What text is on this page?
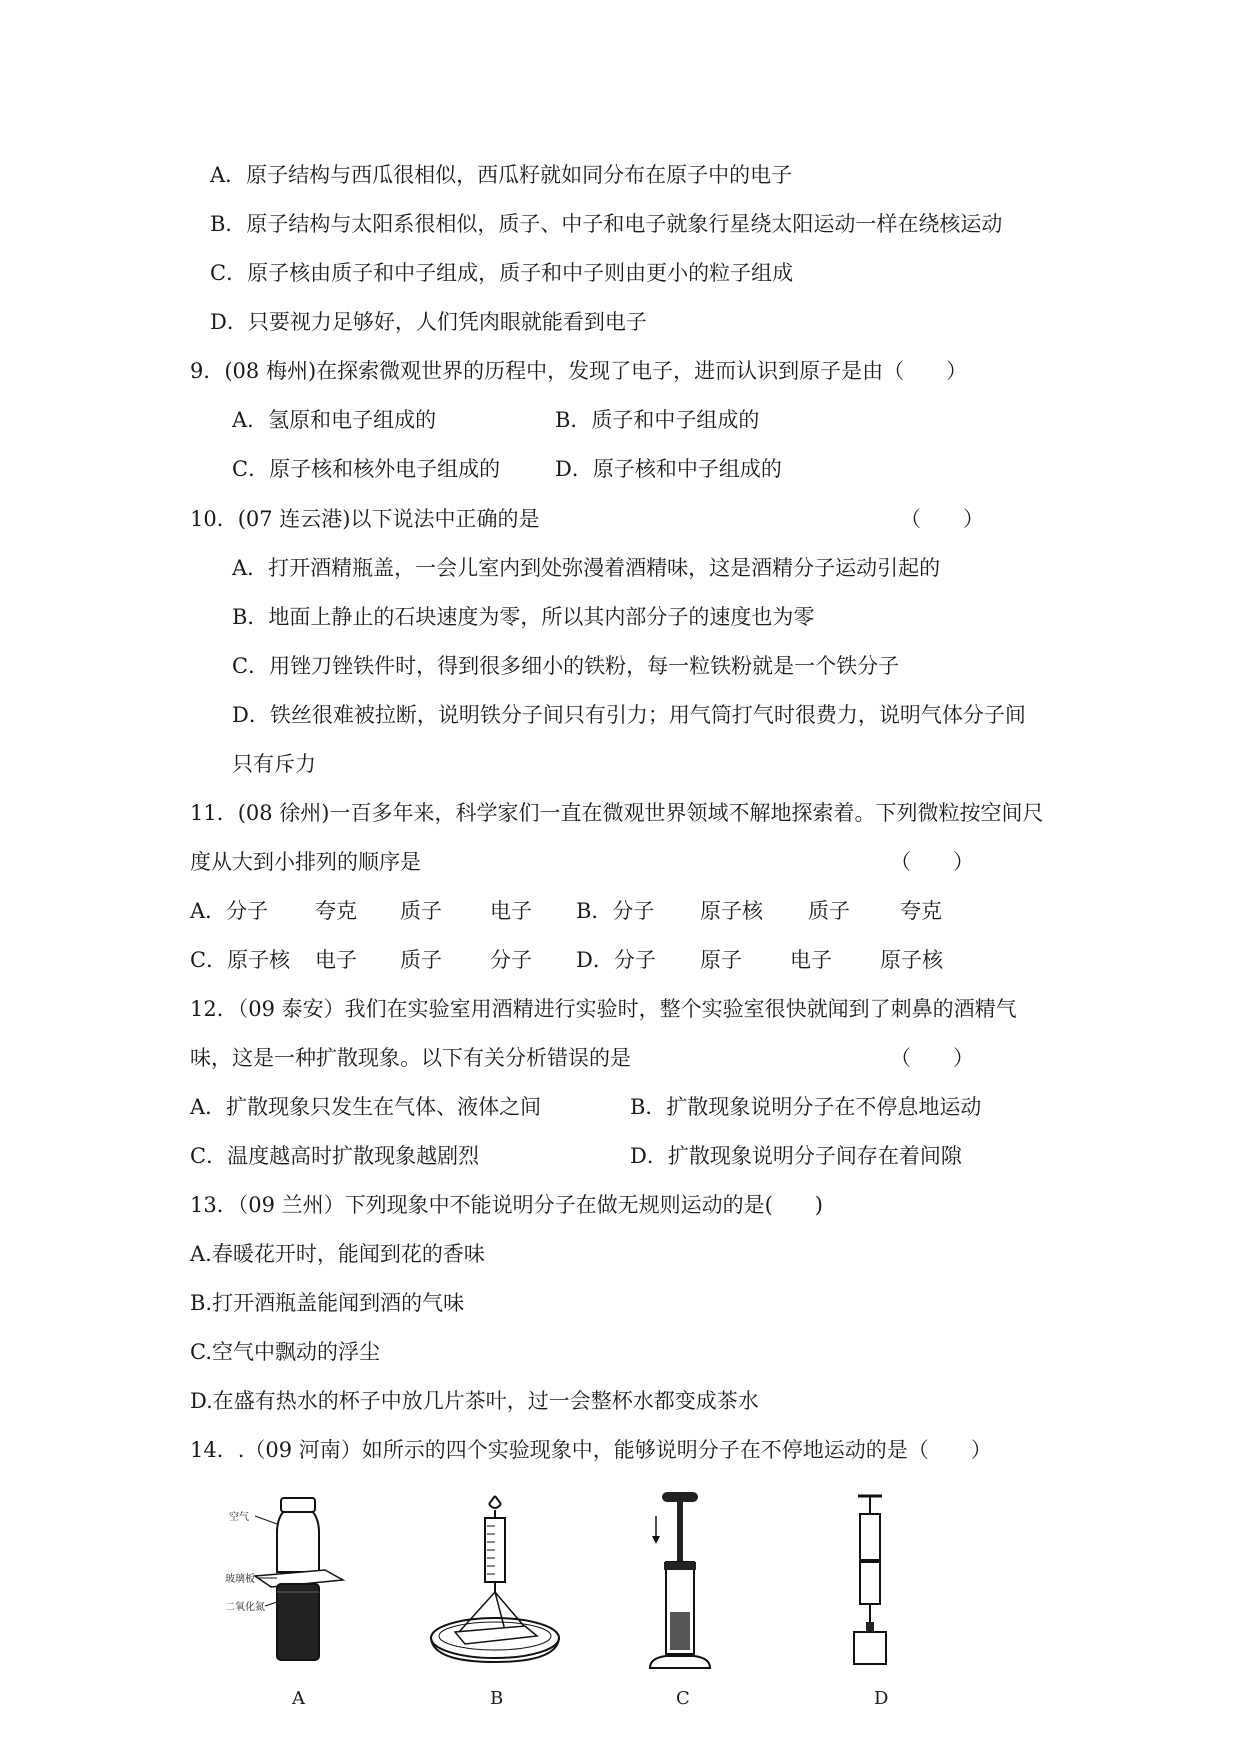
A．原子结构与西瓜很相似，西瓜籽就如同分布在原子中的电子
B．原子结构与太阳系很相似，质子、中子和电子就象行星绕太阳运动一样在绕核运动
C．原子核由质子和中子组成，质子和中子则由更小的粒子组成
D．只要视力足够好，人们凭肉眼就能看到电子
9．(08 梅州)在探索微观世界的历程中，发现了电子，进而认识到原子是由（　　）
A．氢原和电子组成的	B．质子和中子组成的
C．原子核和核外电子组成的	D．原子核和中子组成的
10．(07 连云港)以下说法中正确的是	（　　）
A．打开酒精瓶盖，一会儿室内到处弥漫着酒精味，这是酒精分子运动引起的
B．地面上静止的石块速度为零，所以其内部分子的速度也为零
C．用锉刀锉铁件时，得到很多细小的铁粉，每一粒铁粉就是一个铁分子
D．铁丝很难被拉断，说明铁分子间只有引力；用气筒打气时很费力，说明气体分子间
只有斥力
11．(08 徐州)一百多年来，科学家们一直在微观世界领域不解地探索着。下列微粒按空间尺
度从大到小排列的顺序是	（　　）
A．分子 夸克 质子 电子 B．分子 原子核 质子 夸克
C．原子核 电子 质子 分子 D．分子 原子 电子 原子核
12．（09 泰安）我们在实验室用酒精进行实验时，整个实验室很快就闻到了刺鼻的酒精气
味，这是一种扩散现象。以下有关分析错误的是	（　　）
A．扩散现象只发生在气体、液体之间	B．扩散现象说明分子在不停息地运动
C．温度越高时扩散现象越剧烈	D．扩散现象说明分子间存在着间隙
13．（09 兰州）下列现象中不能说明分子在做无规则运动的是(　　)
A.春暖花开时，能闻到花的香味
B.打开酒瓶盖能闻到酒的气味
C.空气中飘动的浮尘
D.在盛有热水的杯子中放几片茶叶，过一会整杯水都变成茶水
14．.（09 河南）如所示的四个实验现象中，能够说明分子在不停地运动的是（　　）
空气
玻璃板
二氧化氮
A	B	C	D
